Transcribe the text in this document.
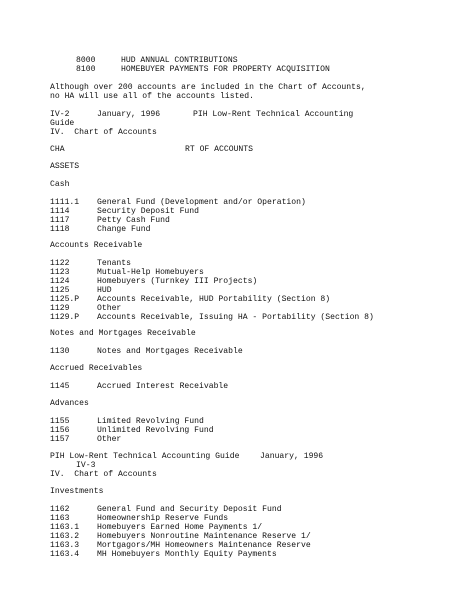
8000	HUD ANNUAL CONTRIBUTIONS
8100	HOMEBUYER PAYMENTS FOR PROPERTY ACQUISITION
Although over 200 accounts are included in the Chart of Accounts,
no HA will use all of the accounts listed.
IV-2	January, 1996	PIH Low-Rent Technical Accounting
Guide
IV.  Chart of Accounts
CHA	RT OF ACCOUNTS
ASSETS
Cash
1111.1 General Fund (Development and/or Operation)
1114	Security Deposit Fund
1117	Petty Cash Fund
1118	Change Fund
Accounts Receivable
1122	Tenants
1123	Mutual-Help Homebuyers
1124	Homebuyers (Turnkey III Projects)
1125	HUD
1125.P Accounts Receivable, HUD Portability (Section 8)
1129	Other
1129.P Accounts Receivable, Issuing HA - Portability (Section 8)
Notes and Mortgages Receivable
1130	Notes and Mortgages Receivable
Accrued Receivables
1145	Accrued Interest Receivable
Advances
1155	Limited Revolving Fund
1156	Unlimited Revolving Fund
1157	Other
PIH Low-Rent Technical Accounting Guide	January, 1996
IV-3
IV.  Chart of Accounts
Investments
1162	General Fund and Security Deposit Fund
1163	Homeownership Reserve Funds
1163.1 Homebuyers Earned Home Payments 1/
1163.2 Homebuyers Nonroutine Maintenance Reserve 1/
1163.3 Mortgagors/MH Homeowners Maintenance Reserve
1163.4 MH Homebuyers Monthly Equity Payments
